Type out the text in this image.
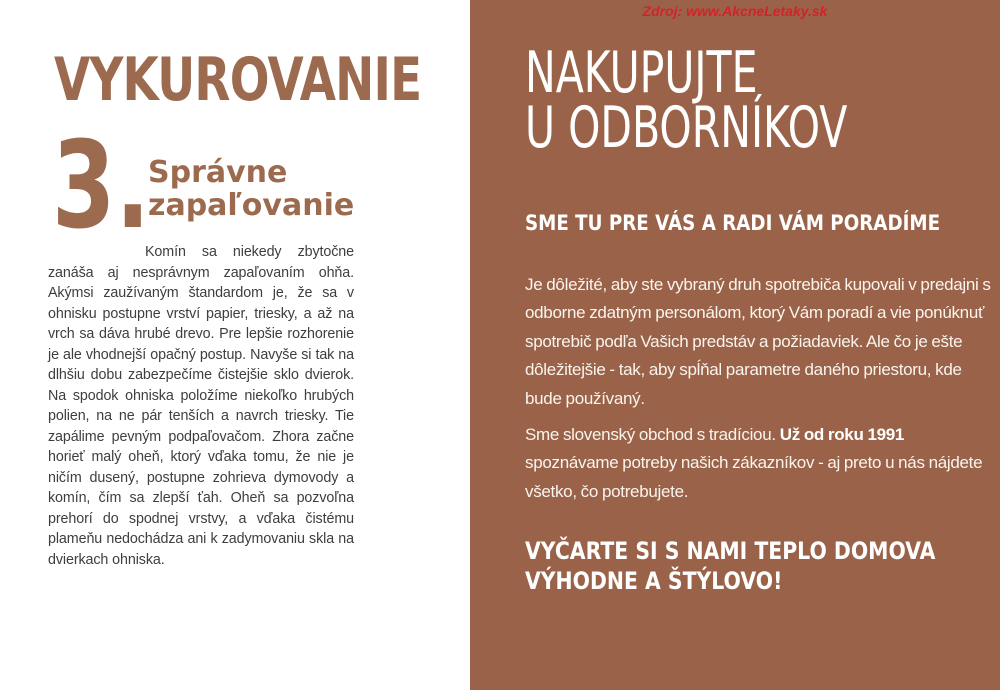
VYKUROVANIE
3.
Správne zapaľovanie

Komín sa niekedy zbytočne zanáša aj nesprávnym zapaľovaním ohňa. Akýmsi zaužívaným štandardom je, že sa v ohnisku postupne vrství papier, triesky, a až na vrch sa dáva hrubé drevo. Pre lepšie rozhorenie je ale vhodnejší opačný postup. Navyše si tak na dlhšiu dobu zabezpečíme čistejšie sklo dvierok. Na spodok ohniska položíme niekoľko hrubých polien, na ne pár tenších a navrch triesky. Tie zapálime pevným podpaľovačom. Zhora začne horieť malý oheň, ktorý vďaka tomu, že nie je ničím dusený, postupne zohrieva dymovody a komín, čím sa zlepší ťah. Oheň sa pozvoľna prehorí do spodnej vrstvy, a vďaka čistému plameňu nedochádza ani k zadymovaniu skla na dvierkach ohniska.

Zdroj: www.AkcneLetaky.sk
NAKUPUJTE
U ODBORNÍKOV
SME TU PRE VÁS A RADI VÁM PORADÍME

Je dôležité, aby ste vybraný druh spotrebiča kupovali v predajni s odborne zdatným personálom, ktorý Vám poradí a vie ponúknuť spotrebič podľa Vašich predstáv a požiadaviek. Ale čo je ešte dôležitejšie - tak, aby spĺňal parametre daného priestoru, kde bude používaný.

Sme slovenský obchod s tradíciou. Už od roku 1991 spoznávame potreby našich zákazníkov - aj preto u nás nájdete všetko, čo potrebujete.

VYČARTE SI S NAMI TEPLO DOMOVA
VÝHODNE A ŠTÝLOVO!
